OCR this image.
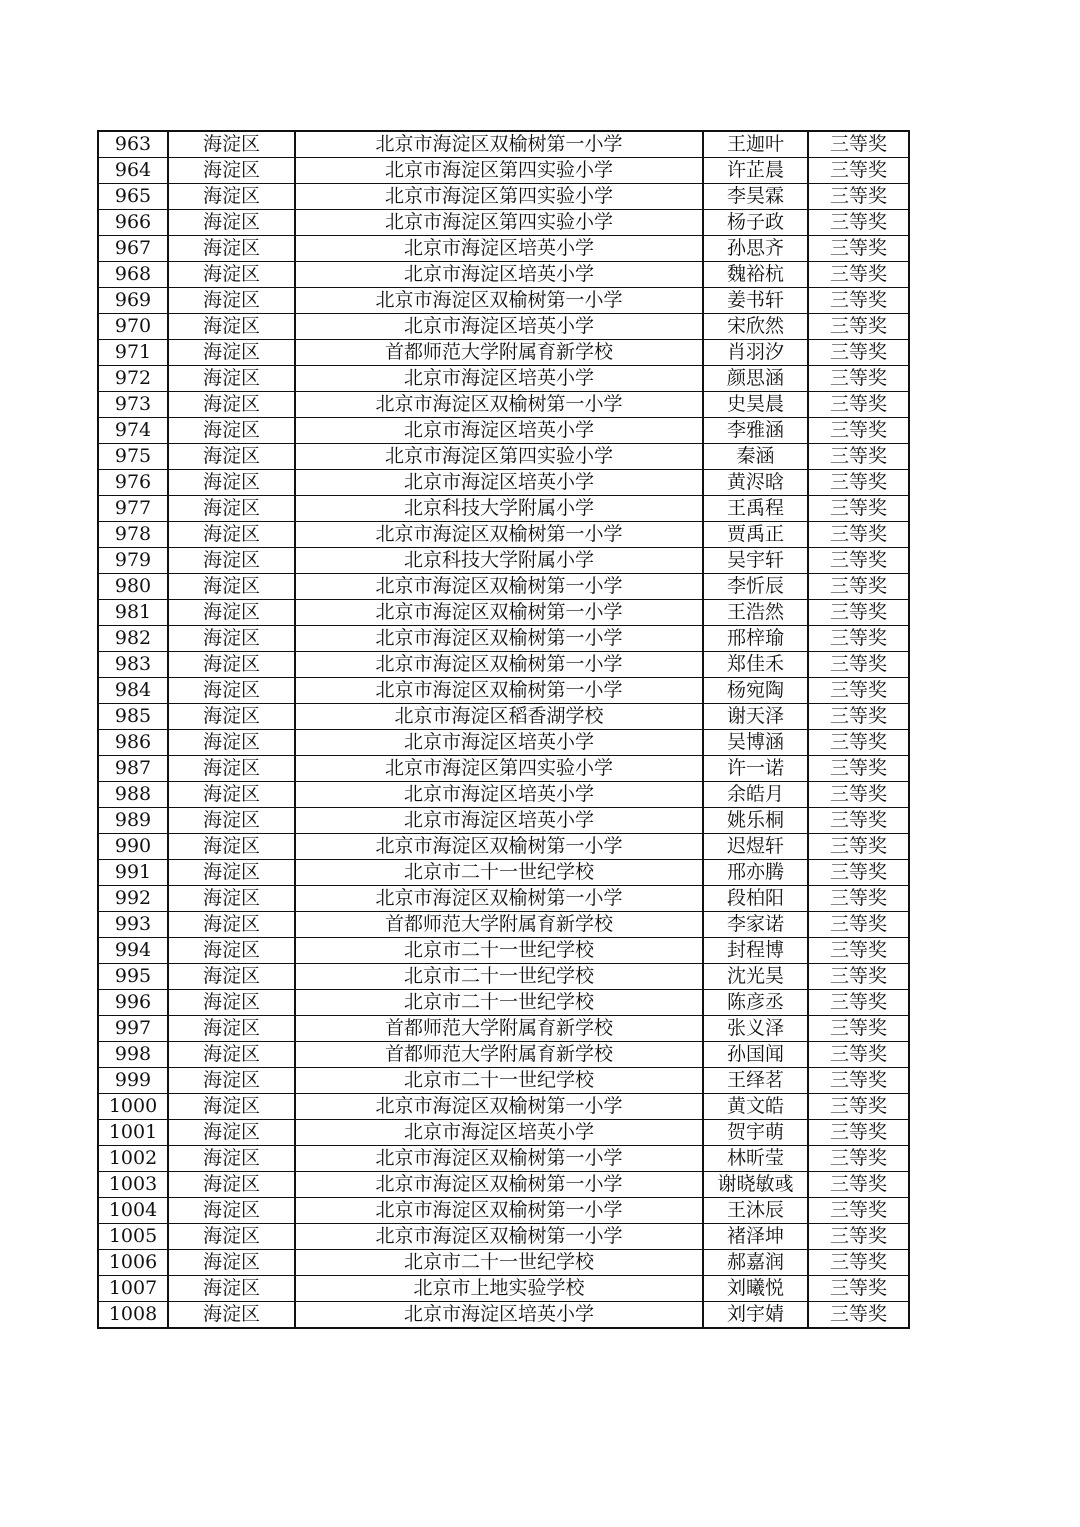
963	海淀区	北京市海淀区双榆树第一小学	王迦叶	三等奖
964	海淀区	北京市海淀区第四实验小学	许芷晨	三等奖
965	海淀区	北京市海淀区第四实验小学	李昊霖	三等奖
966	海淀区	北京市海淀区第四实验小学	杨子政	三等奖
967	海淀区	北京市海淀区培英小学	孙思齐	三等奖
968	海淀区	北京市海淀区培英小学	魏裕杭	三等奖
969	海淀区	北京市海淀区双榆树第一小学	姜书轩	三等奖
970	海淀区	北京市海淀区培英小学	宋欣然	三等奖
971	海淀区	首都师范大学附属育新学校	肖羽汐	三等奖
972	海淀区	北京市海淀区培英小学	颜思涵	三等奖
973	海淀区	北京市海淀区双榆树第一小学	史昊晨	三等奖
974	海淀区	北京市海淀区培英小学	李雅涵	三等奖
975	海淀区	北京市海淀区第四实验小学	秦涵	三等奖
976	海淀区	北京市海淀区培英小学	黄浕晗	三等奖
977	海淀区	北京科技大学附属小学	王禹程	三等奖
978	海淀区	北京市海淀区双榆树第一小学	贾禹正	三等奖
979	海淀区	北京科技大学附属小学	吴宇轩	三等奖
980	海淀区	北京市海淀区双榆树第一小学	李忻辰	三等奖
981	海淀区	北京市海淀区双榆树第一小学	王浩然	三等奖
982	海淀区	北京市海淀区双榆树第一小学	邢梓瑜	三等奖
983	海淀区	北京市海淀区双榆树第一小学	郑佳禾	三等奖
984	海淀区	北京市海淀区双榆树第一小学	杨宛陶	三等奖
985	海淀区	北京市海淀区稻香湖学校	谢天泽	三等奖
986	海淀区	北京市海淀区培英小学	吴博涵	三等奖
987	海淀区	北京市海淀区第四实验小学	许一诺	三等奖
988	海淀区	北京市海淀区培英小学	余皓月	三等奖
989	海淀区	北京市海淀区培英小学	姚乐桐	三等奖
990	海淀区	北京市海淀区双榆树第一小学	迟煜轩	三等奖
991	海淀区	北京市二十一世纪学校	邢亦腾	三等奖
992	海淀区	北京市海淀区双榆树第一小学	段柏阳	三等奖
993	海淀区	首都师范大学附属育新学校	李家诺	三等奖
994	海淀区	北京市二十一世纪学校	封程博	三等奖
995	海淀区	北京市二十一世纪学校	沈光昊	三等奖
996	海淀区	北京市二十一世纪学校	陈彦丞	三等奖
997	海淀区	首都师范大学附属育新学校	张义泽	三等奖
998	海淀区	首都师范大学附属育新学校	孙国闻	三等奖
999	海淀区	北京市二十一世纪学校	王绎茗	三等奖
1000	海淀区	北京市海淀区双榆树第一小学	黄文皓	三等奖
1001	海淀区	北京市海淀区培英小学	贺宇萌	三等奖
1002	海淀区	北京市海淀区双榆树第一小学	林昕莹	三等奖
1003	海淀区	北京市海淀区双榆树第一小学	谢晓敏彧	三等奖
1004	海淀区	北京市海淀区双榆树第一小学	王沐辰	三等奖
1005	海淀区	北京市海淀区双榆树第一小学	褚泽坤	三等奖
1006	海淀区	北京市二十一世纪学校	郝嘉润	三等奖
1007	海淀区	北京市上地实验学校	刘曦悦	三等奖
1008	海淀区	北京市海淀区培英小学	刘宇婧	三等奖
